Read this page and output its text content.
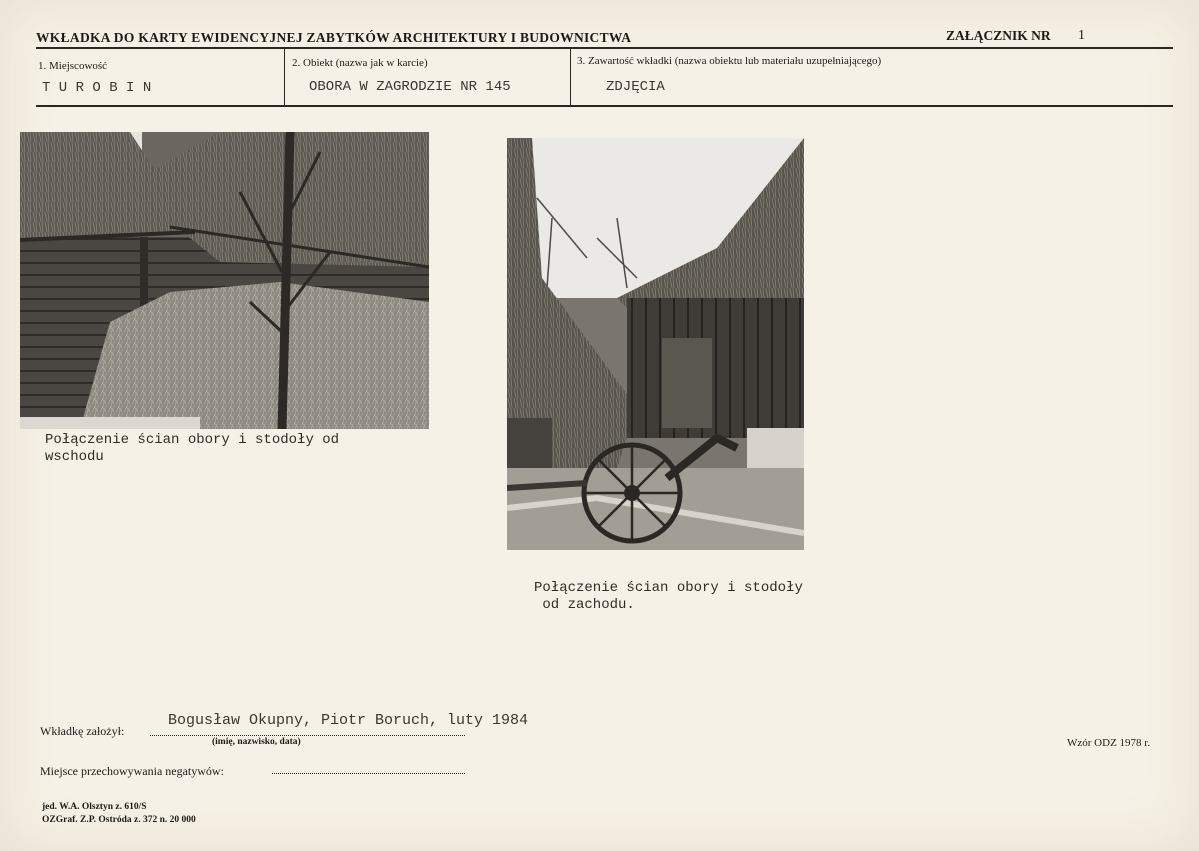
WKŁADKA DO KARTY EWIDENCYJNEJ ZABYTKÓW ARCHITEKTURY I BUDOWNICTWA	ZAŁĄCZNIK NR 1
1. Miejscowość
T U R O B I N
2. Obiekt (nazwa jak w karcie)
OBORA W ZAGRODZIE NR 145
3. Zawartość wkładki (nazwa obiektu lub materiału uzupełniającego)
ZDJĘCIA
Połączenie ścian obory i stodoły od
wschodu
Połączenie ścian obory i stodoły
od zachodu.
Wkładkę założył:
Bogusław Okupny, Piotr Boruch, luty 1984
(imię, nazwisko, data)
Miejsce przechowywania negatywów:
Wzór ODZ 1978 r.
jed. W.A. Olsztyn z. 610/S
OZGraf. Z.P. Ostróda z. 372 n. 20 000
